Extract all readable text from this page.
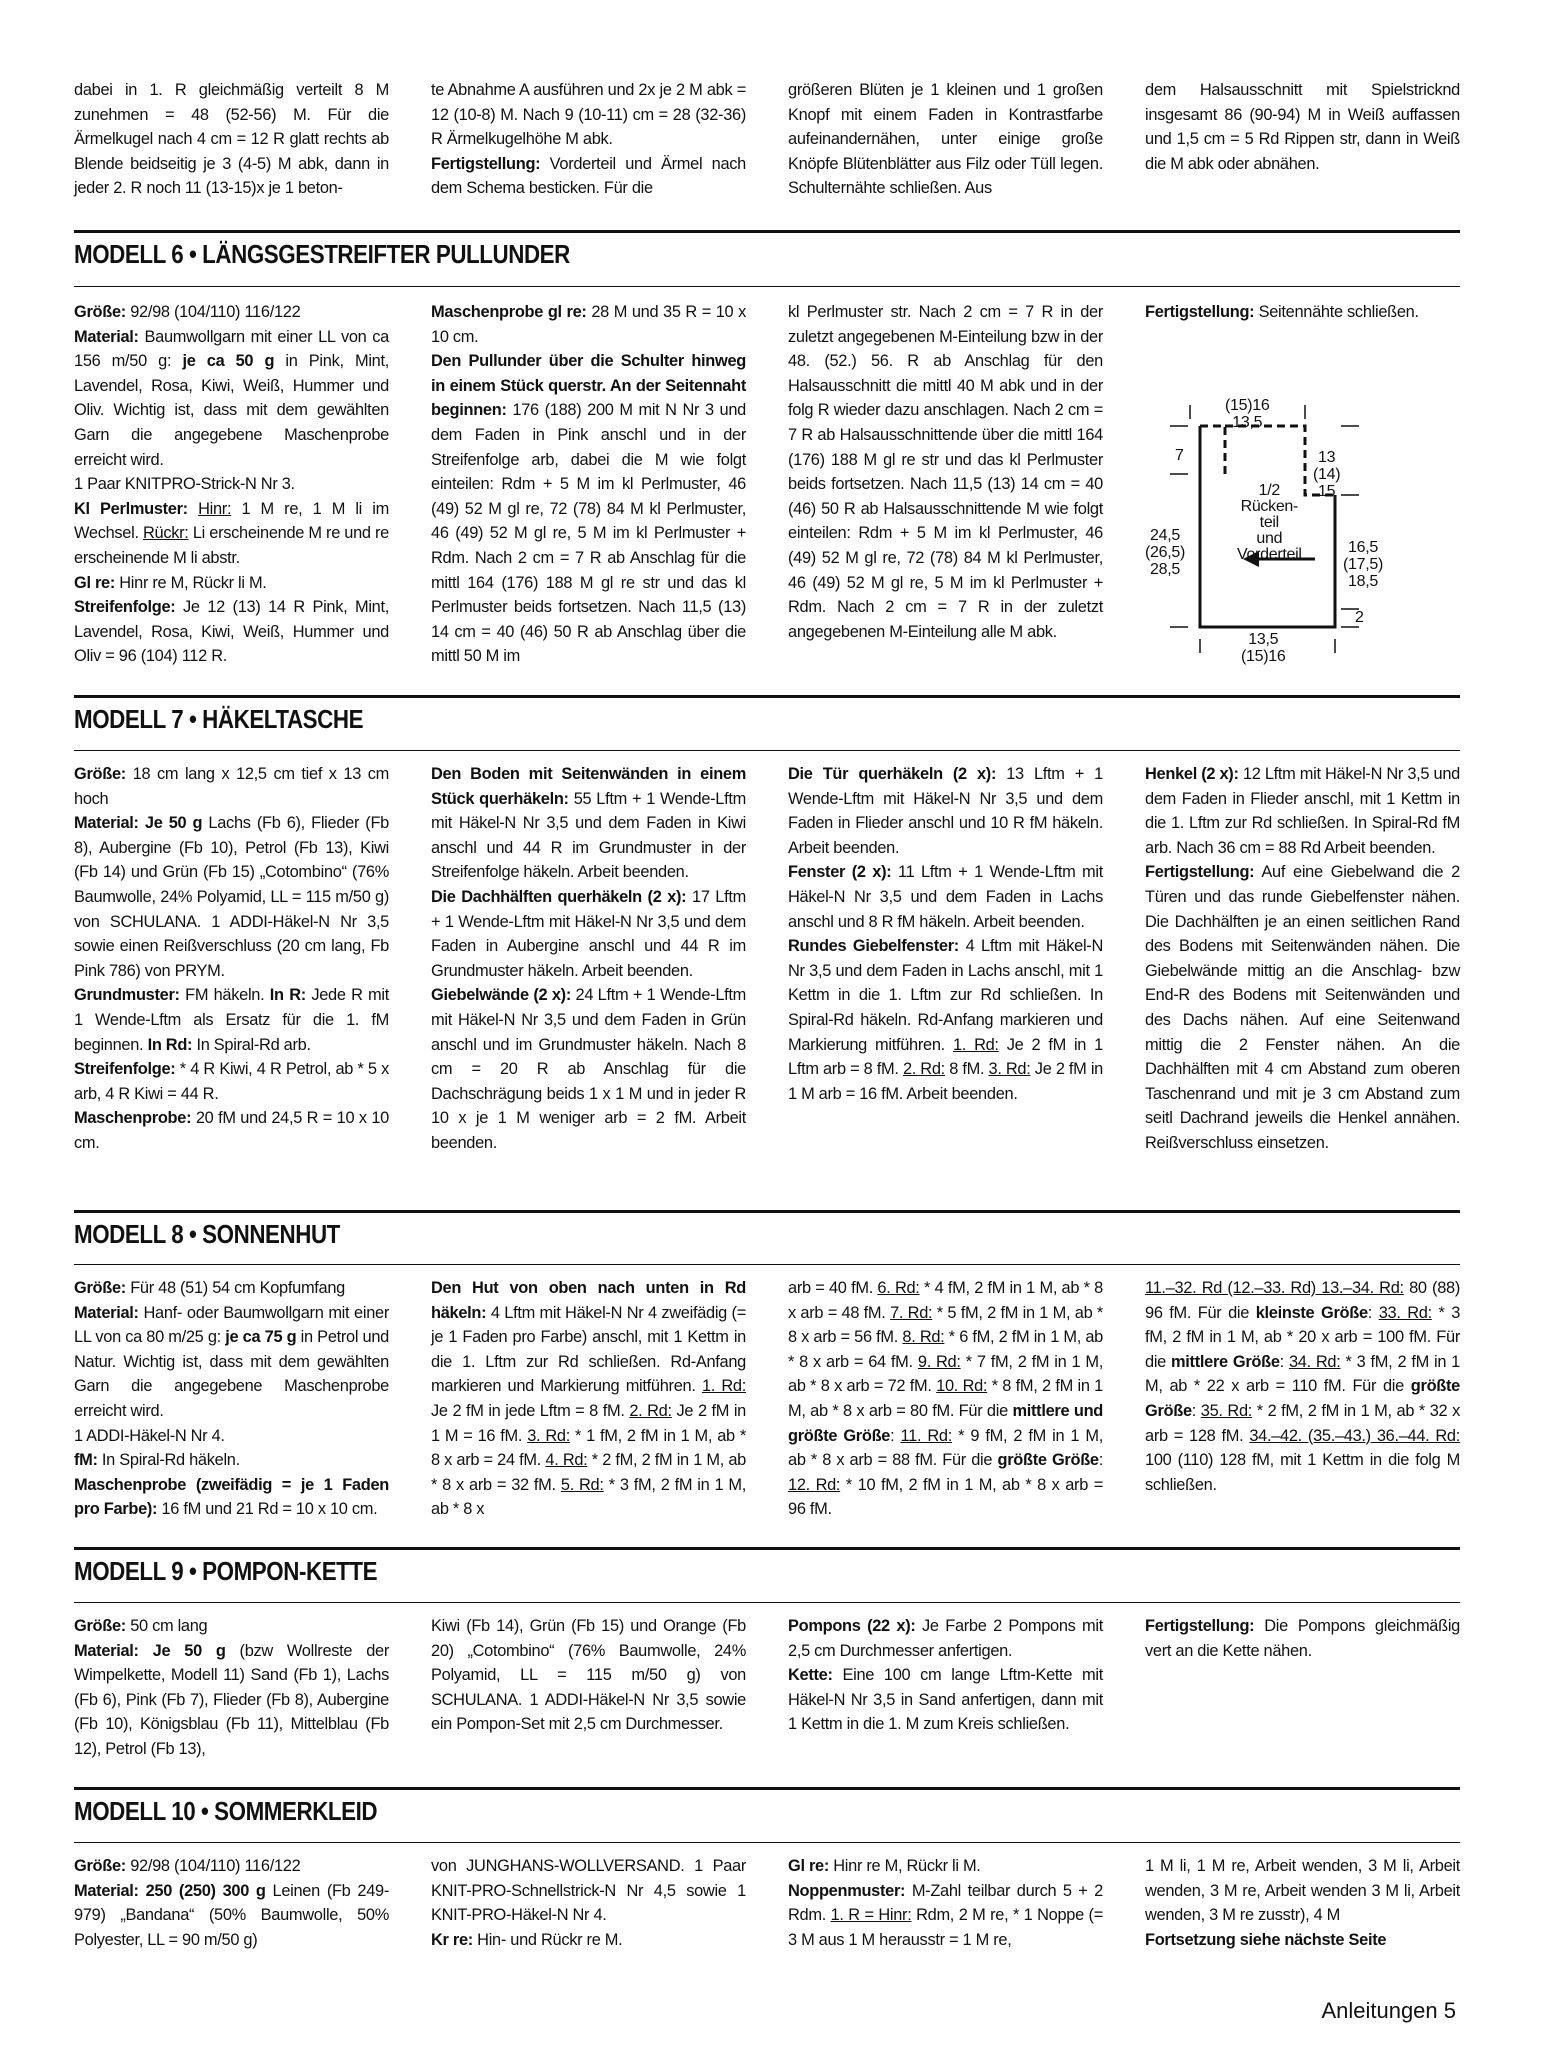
dabei in 1. R gleichmäßig verteilt 8 M zunehmen = 48 (52-56) M. Für die Ärmelkugel nach 4 cm = 12 R glatt rechts ab Blende beidseitig je 3 (4-5) M abk, dann in jeder 2. R noch 11 (13-15)x je 1 beton-

te Abnahme A ausführen und 2x je 2 M abk = 12 (10-8) M. Nach 9 (10-11) cm = 28 (32-36) R Ärmelkugelhöhe M abk.
Fertigstellung: Vorderteil und Ärmel nach dem Schema besticken. Für die

größeren Blüten je 1 kleinen und 1 großen Knopf mit einem Faden in Kontrastfarbe aufeinandernähen, unter einige große Knöpfe Blütenblätter aus Filz oder Tüll legen. Schulternähte schließen. Aus

dem Halsausschnitt mit Spielstricknd insgesamt 86 (90-94) M in Weiß auffassen und 1,5 cm = 5 Rd Rippen str, dann in Weiß die M abk oder abnähen.

MODELL 6 • LÄNGSGESTREIFTER PULLUNDER

Größe: 92/98 (104/110) 116/122

Material: Baumwollgarn mit einer LL von ca 156 m/50 g: je ca 50 g in Pink, Mint, Lavendel, Rosa, Kiwi, Weiß, Hummer und Oliv. Wichtig ist, dass mit dem gewählten Garn die angegebene Maschenprobe erreicht wird.

1 Paar KNITPRO-Strick-N Nr 3.

Kl Perlmuster: Hinr: 1 M re, 1 M li im Wechsel. Rückr: Li erscheinende M re und re erscheinende M li abstr.

Gl re: Hinr re M, Rückr li M.

Streifenfolge: Je 12 (13) 14 R Pink, Mint, Lavendel, Rosa, Kiwi, Weiß, Hummer und Oliv = 96 (104) 112 R.

Maschenprobe gl re: 28 M und 35 R = 10 x 10 cm.

Den Pullunder über die Schulter hinweg in einem Stück querstr. An der Seitennaht beginnen: 176 (188) 200 M mit N Nr 3 und dem Faden in Pink anschl und in der Streifenfolge arb, dabei die M wie folgt einteilen: Rdm + 5 M im kl Perlmuster, 46 (49) 52 M gl re, 72 (78) 84 M kl Perlmuster, 46 (49) 52 M gl re, 5 M im kl Perlmuster + Rdm. Nach 2 cm = 7 R ab Anschlag für die mittl 164 (176) 188 M gl re str und das kl Perlmuster beids fortsetzen. Nach 11,5 (13) 14 cm = 40 (46) 50 R ab Anschlag über die mittl 50 M im

kl Perlmuster str. Nach 2 cm = 7 R in der zuletzt angegebenen M-Einteilung bzw in der 48. (52.) 56. R ab Anschlag für den Halsausschnitt die mittl 40 M abk und in der folg R wieder dazu anschlagen. Nach 2 cm = 7 R ab Halsausschnittende über die mittl 164 (176) 188 M gl re str und das kl Perlmuster beids fortsetzen. Nach 11,5 (13) 14 cm = 40 (46) 50 R ab Halsausschnittende M wie folgt einteilen: Rdm + 5 M im kl Perlmuster, 46 (49) 52 M gl re, 72 (78) 84 M kl Perlmuster, 46 (49) 52 M gl re, 5 M im kl Perlmuster + Rdm. Nach 2 cm = 7 R in der zuletzt angegebenen M-Einteilung alle M abk.

Fertigstellung: Seitennähte schließen.

(15)16
13,5
7	13
(14)
15
1/2
Rücken-
teil
und
Vorderteil
24,5
(26,5)
28,5
16,5
(17,5)
18,5
2
13,5
(15)16
MODELL 7 • HÄKELTASCHE

Größe: 18 cm lang x 12,5 cm tief x 13 cm hoch

Material: Je 50 g Lachs (Fb 6), Flieder (Fb 8), Aubergine (Fb 10), Petrol (Fb 13), Kiwi (Fb 14) und Grün (Fb 15) „Cotombino“ (76% Baumwolle, 24% Polyamid, LL = 115 m/50 g) von SCHULANA. 1 ADDI-Häkel-N Nr 3,5 sowie einen Reißverschluss (20 cm lang, Fb Pink 786) von PRYM.

Grundmuster: FM häkeln. In R: Jede R mit 1 Wende-Lftm als Ersatz für die 1. fM beginnen. In Rd: In Spiral-Rd arb.

Streifenfolge: * 4 R Kiwi, 4 R Petrol, ab * 5 x arb, 4 R Kiwi = 44 R.

Maschenprobe: 20 fM und 24,5 R = 10 x 10 cm.

Den Boden mit Seitenwänden in einem Stück querhäkeln: 55 Lftm + 1 Wende-Lftm mit Häkel-N Nr 3,5 und dem Faden in Kiwi anschl und 44 R im Grundmuster in der Streifenfolge häkeln. Arbeit beenden.

Die Dachhälften querhäkeln (2 x): 17 Lftm + 1 Wende-Lftm mit Häkel-N Nr 3,5 und dem Faden in Aubergine anschl und 44 R im Grundmuster häkeln. Arbeit beenden.

Giebelwände (2 x): 24 Lftm + 1 Wende-Lftm mit Häkel-N Nr 3,5 und dem Faden in Grün anschl und im Grundmuster häkeln. Nach 8 cm = 20 R ab Anschlag für die Dachschrägung beids 1 x 1 M und in jeder R 10 x je 1 M weniger arb = 2 fM. Arbeit beenden.

Die Tür querhäkeln (2 x): 13 Lftm + 1 Wende-Lftm mit Häkel-N Nr 3,5 und dem Faden in Flieder anschl und 10 R fM häkeln. Arbeit beenden.

Fenster (2 x): 11 Lftm + 1 Wende-Lftm mit Häkel-N Nr 3,5 und dem Faden in Lachs anschl und 8 R fM häkeln. Arbeit beenden.

Rundes Giebelfenster: 4 Lftm mit Häkel-N Nr 3,5 und dem Faden in Lachs anschl, mit 1 Kettm in die 1. Lftm zur Rd schließen. In Spiral-Rd häkeln. Rd-Anfang markieren und Markierung mitführen. 1. Rd: Je 2 fM in 1 Lftm arb = 8 fM. 2. Rd: 8 fM. 3. Rd: Je 2 fM in 1 M arb = 16 fM. Arbeit beenden.

Henkel (2 x): 12 Lftm mit Häkel-N Nr 3,5 und dem Faden in Flieder anschl, mit 1 Kettm in die 1. Lftm zur Rd schließen. In Spiral-Rd fM arb. Nach 36 cm = 88 Rd Arbeit beenden.

Fertigstellung: Auf eine Giebelwand die 2 Türen und das runde Giebelfenster nähen. Die Dachhälften je an einen seitlichen Rand des Bodens mit Seitenwänden nähen. Die Giebelwände mittig an die Anschlag- bzw End-R des Bodens mit Seitenwänden und des Dachs nähen. Auf eine Seitenwand mittig die 2 Fenster nähen. An die Dachhälften mit 4 cm Abstand zum oberen Taschenrand und mit je 3 cm Abstand zum seitl Dachrand jeweils die Henkel annähen. Reißverschluss einsetzen.

MODELL 8 • SONNENHUT

Größe: Für 48 (51) 54 cm Kopfumfang

Material: Hanf- oder Baumwollgarn mit einer LL von ca 80 m/25 g: je ca 75 g in Petrol und Natur. Wichtig ist, dass mit dem gewählten Garn die angegebene Maschenprobe erreicht wird.

1 ADDI-Häkel-N Nr 4.

fM: In Spiral-Rd häkeln.

Maschenprobe (zweifädig = je 1 Faden pro Farbe): 16 fM und 21 Rd = 10 x 10 cm.

Den Hut von oben nach unten in Rd häkeln: 4 Lftm mit Häkel-N Nr 4 zweifädig (= je 1 Faden pro Farbe) anschl, mit 1 Kettm in die 1. Lftm zur Rd schließen. Rd-Anfang markieren und Markierung mitführen. 1. Rd: Je 2 fM in jede Lftm = 8 fM. 2. Rd: Je 2 fM in 1 M = 16 fM. 3. Rd: * 1 fM, 2 fM in 1 M, ab * 8 x arb = 24 fM. 4. Rd: * 2 fM, 2 fM in 1 M, ab * 8 x arb = 32 fM. 5. Rd: * 3 fM, 2 fM in 1 M, ab * 8 x

arb = 40 fM. 6. Rd: * 4 fM, 2 fM in 1 M, ab * 8 x arb = 48 fM. 7. Rd: * 5 fM, 2 fM in 1 M, ab * 8 x arb = 56 fM. 8. Rd: * 6 fM, 2 fM in 1 M, ab * 8 x arb = 64 fM. 9. Rd: * 7 fM, 2 fM in 1 M, ab * 8 x arb = 72 fM. 10. Rd: * 8 fM, 2 fM in 1 M, ab * 8 x arb = 80 fM. Für die mittlere und größte Größe: 11. Rd: * 9 fM, 2 fM in 1 M, ab * 8 x arb = 88 fM. Für die größte Größe: 12. Rd: * 10 fM, 2 fM in 1 M, ab * 8 x arb = 96 fM.

11.–32. Rd (12.–33. Rd) 13.–34. Rd: 80 (88) 96 fM. Für die kleinste Größe: 33. Rd: * 3 fM, 2 fM in 1 M, ab * 20 x arb = 100 fM. Für die mittlere Größe: 34. Rd: * 3 fM, 2 fM in 1 M, ab * 22 x arb = 110 fM. Für die größte Größe: 35. Rd: * 2 fM, 2 fM in 1 M, ab * 32 x arb = 128 fM. 34.–42. (35.–43.) 36.–44. Rd: 100 (110) 128 fM, mit 1 Kettm in die folg M schließen.

MODELL 9 • POMPON-KETTE

Größe: 50 cm lang

Material: Je 50 g (bzw Wollreste der Wimpelkette, Modell 11) Sand (Fb 1), Lachs (Fb 6), Pink (Fb 7), Flieder (Fb 8), Aubergine (Fb 10), Königsblau (Fb 11), Mittelblau (Fb 12), Petrol (Fb 13),

Kiwi (Fb 14), Grün (Fb 15) und Orange (Fb 20) „Cotombino“ (76% Baumwolle, 24% Polyamid, LL = 115 m/50 g) von SCHULANA. 1 ADDI-Häkel-N Nr 3,5 sowie ein Pompon-Set mit 2,5 cm Durchmesser.

Pompons (22 x): Je Farbe 2 Pompons mit 2,5 cm Durchmesser anfertigen.

Kette: Eine 100 cm lange Lftm-Kette mit Häkel-N Nr 3,5 in Sand anfertigen, dann mit 1 Kettm in die 1. M zum Kreis schließen.

Fertigstellung: Die Pompons gleichmäßig vert an die Kette nähen.

MODELL 10 • SOMMERKLEID

Größe: 92/98 (104/110) 116/122

Material: 250 (250) 300 g Leinen (Fb 249-979) „Bandana“ (50% Baumwolle, 50% Polyester, LL = 90 m/50 g)

von JUNGHANS-WOLLVERSAND. 1 Paar KNIT-PRO-Schnellstrick-N Nr 4,5 sowie 1 KNIT-PRO-Häkel-N Nr 4.

Kr re: Hin- und Rückr re M.

Gl re: Hinr re M, Rückr li M.

Noppenmuster: M-Zahl teilbar durch 5 + 2 Rdm. 1. R = Hinr: Rdm, 2 M re, * 1 Noppe (= 3 M aus 1 M herausstr = 1 M re,

1 M li, 1 M re, Arbeit wenden, 3 M li, Arbeit wenden, 3 M re, Arbeit wenden 3 M li, Arbeit wenden, 3 M re zusstr), 4 M

Fortsetzung siehe nächste Seite

Anleitungen 5
